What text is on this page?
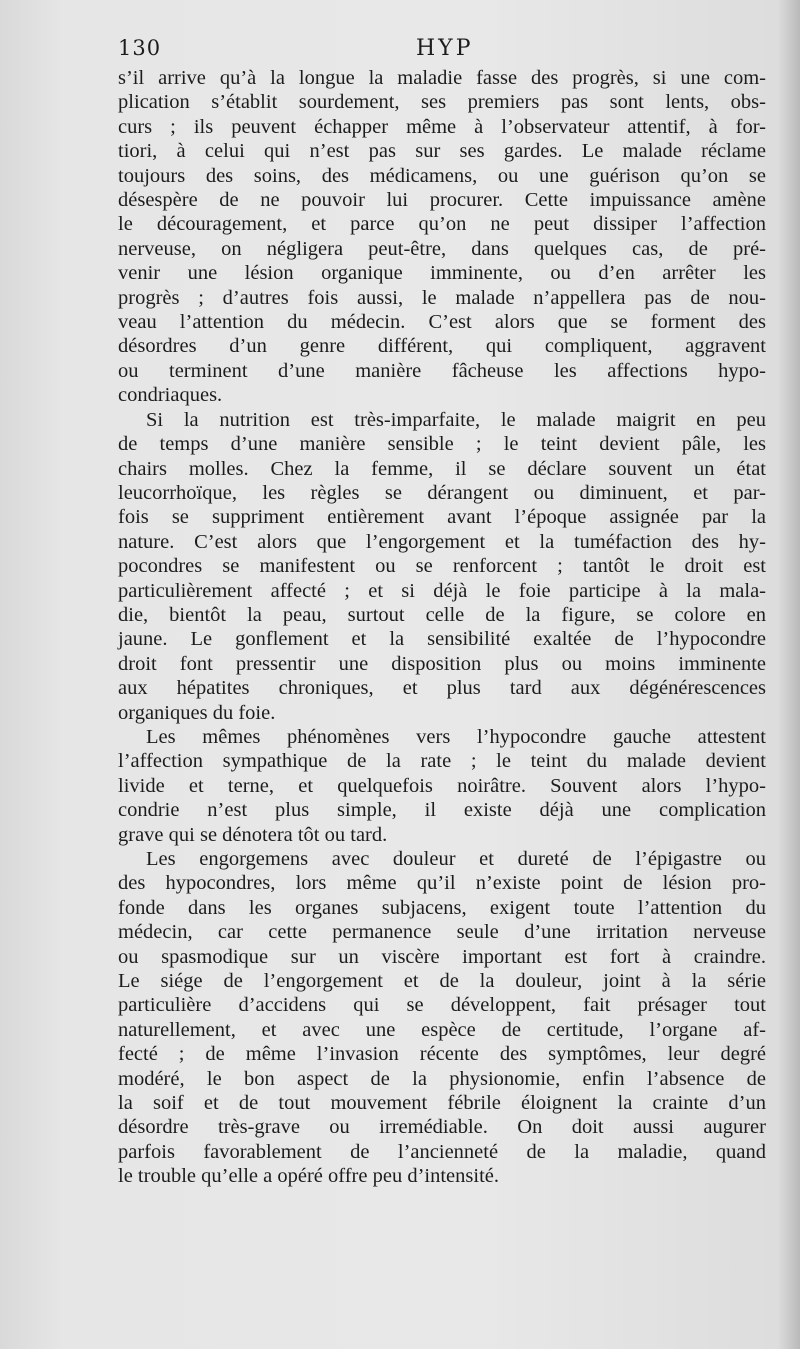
130	HYP
s’il arrive qu’à la longue la maladie fasse des progrès, si une com-
plication s’établit sourdement, ses premiers pas sont lents, obs-
curs ; ils peuvent échapper même à l’observateur attentif, à for-
tiori, à celui qui n’est pas sur ses gardes. Le malade réclame
toujours des soins, des médicamens, ou une guérison qu’on se
désespère de ne pouvoir lui procurer. Cette impuissance amène
le découragement, et parce qu’on ne peut dissiper l’affection
nerveuse, on négligera peut-être, dans quelques cas, de pré-
venir une lésion organique imminente, ou d’en arrêter les
progrès ; d’autres fois aussi, le malade n’appellera pas de nou-
veau l’attention du médecin. C’est alors que se forment des
désordres d’un genre différent, qui compliquent, aggravent
ou terminent d’une manière fâcheuse les affections hypo-
condriaques.
Si la nutrition est très-imparfaite, le malade maigrit en peu
de temps d’une manière sensible ; le teint devient pâle, les
chairs molles. Chez la femme, il se déclare souvent un état
leucorrhoïque, les règles se dérangent ou diminuent, et par-
fois se suppriment entièrement avant l’époque assignée par la
nature. C’est alors que l’engorgement et la tuméfaction des hy-
pocondres se manifestent ou se renforcent ; tantôt le droit est
particulièrement affecté ; et si déjà le foie participe à la mala-
die, bientôt la peau, surtout celle de la figure, se colore en
jaune. Le gonflement et la sensibilité exaltée de l’hypocondre
droit font pressentir une disposition plus ou moins imminente
aux hépatites chroniques, et plus tard aux dégénérescences
organiques du foie.
Les mêmes phénomènes vers l’hypocondre gauche attestent
l’affection sympathique de la rate ; le teint du malade devient
livide et terne, et quelquefois noirâtre. Souvent alors l’hypo-
condrie n’est plus simple, il existe déjà une complication
grave qui se dénotera tôt ou tard.
Les engorgemens avec douleur et dureté de l’épigastre ou
des hypocondres, lors même qu’il n’existe point de lésion pro-
fonde dans les organes subjacens, exigent toute l’attention du
médecin, car cette permanence seule d’une irritation nerveuse
ou spasmodique sur un viscère important est fort à craindre.
Le siége de l’engorgement et de la douleur, joint à la série
particulière d’accidens qui se développent, fait présager tout
naturellement, et avec une espèce de certitude, l’organe af-
fecté ; de même l’invasion récente des symptômes, leur degré
modéré, le bon aspect de la physionomie, enfin l’absence de
la soif et de tout mouvement fébrile éloignent la crainte d’un
désordre très-grave ou irremédiable. On doit aussi augurer
parfois favorablement de l’ancienneté de la maladie, quand
le trouble qu’elle a opéré offre peu d’intensité.
